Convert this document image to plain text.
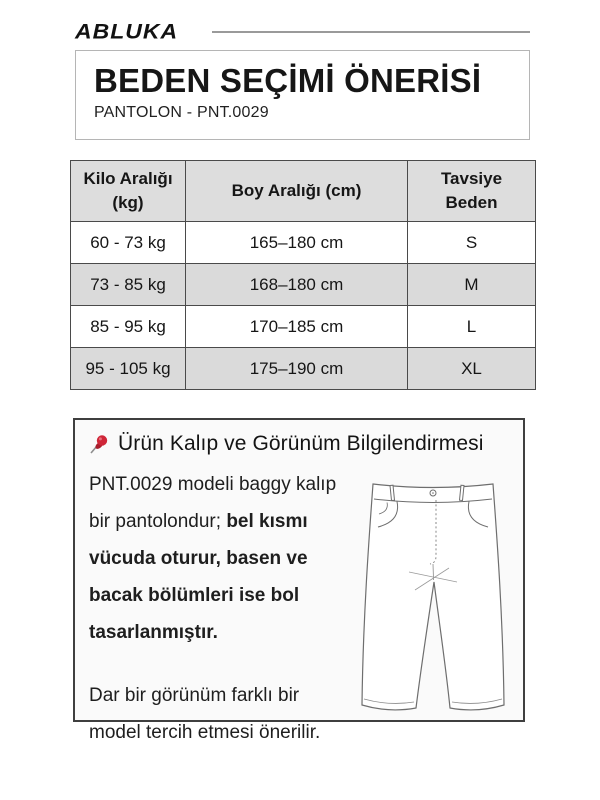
ABLUKA
BEDEN SEÇİMİ ÖNERİSİ
PANTOLON - PNT.0029
Kilo Aralığı (kg)	Boy Aralığı (cm)	Tavsiye Beden
60 - 73 kg	165–180 cm	S
73 - 85 kg	168–180 cm	M
85 - 95 kg	170–185 cm	L
95 - 105 kg	175–190 cm	XL
Ürün Kalıp ve Görünüm Bilgilendirmesi
PNT.0029 modeli baggy kalıp bir pantolondur; bel kısmı vücuda oturur, basen ve bacak bölümleri ise bol tasarlanmıştır.
Dar bir görünüm farklı bir model tercih etmesi önerilir.
